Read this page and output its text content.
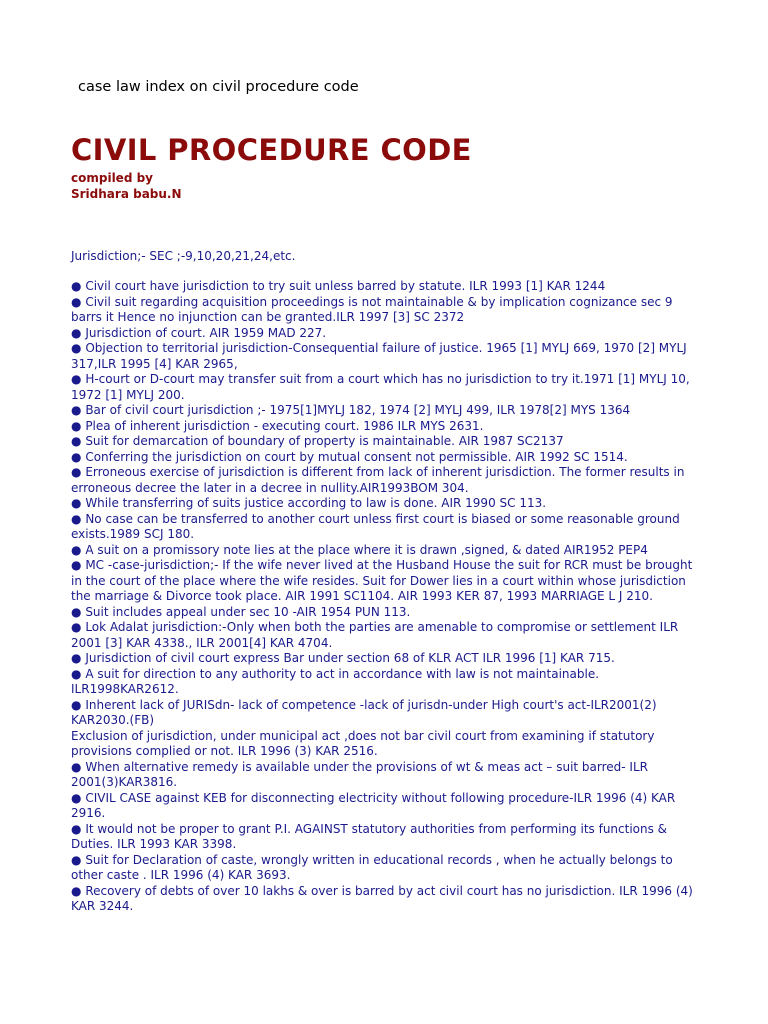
case law index on civil procedure code
CIVIL PROCEDURE CODE
compiled by
Sridhara babu.N
Jurisdiction;- SEC ;-9,10,20,21,24,etc.

● Civil court have jurisdiction to try suit unless barred by statute. ILR 1993 [1] KAR 1244

● Civil suit regarding acquisition proceedings is not maintainable & by implication cognizance sec 9 barrs it Hence no injunction can be granted.ILR 1997 [3] SC 2372

● Jurisdiction of court. AIR 1959 MAD 227.

● Objection to territorial jurisdiction-Consequential failure of justice. 1965 [1] MYLJ 669, 1970 [2] MYLJ 317,ILR 1995 [4] KAR 2965,

● H-court or D-court may transfer suit from a court which has no jurisdiction to try it.1971 [1] MYLJ 10, 1972 [1] MYLJ 200.

● Bar of civil court jurisdiction ;- 1975[1]MYLJ 182, 1974 [2] MYLJ 499, ILR 1978[2] MYS 1364

● Plea of inherent jurisdiction - executing court. 1986 ILR MYS 2631.

● Suit for demarcation of boundary of property is maintainable. AIR 1987 SC2137

● Conferring the jurisdiction on court by mutual consent not permissible. AIR 1992 SC 1514.

● Erroneous exercise of jurisdiction is different from lack of inherent jurisdiction. The former results in erroneous decree the later in a decree in nullity.AIR1993BOM 304.

● While transferring of suits justice according to law is done. AIR 1990 SC 113.

● No case can be transferred to another court unless first court is biased or some reasonable ground exists.1989 SCJ 180.

● A suit on a promissory note lies at the place where it is drawn ,signed, & dated AIR1952 PEP4

● MC -case-jurisdiction;- If the wife never lived at the Husband House the suit for RCR must be brought in the court of the place where the wife resides. Suit for Dower lies in a court within whose jurisdiction the marriage & Divorce took place. AIR 1991 SC1104. AIR 1993 KER 87, 1993 MARRIAGE L J 210.

● Suit includes appeal under sec 10 -AIR 1954 PUN 113.

● Lok Adalat jurisdiction:-Only when both the parties are amenable to compromise or settlement ILR 2001 [3] KAR 4338., ILR 2001[4] KAR 4704.

● Jurisdiction of civil court express Bar under section 68 of KLR ACT ILR 1996 [1] KAR 715.

● A suit for direction to any authority to act in accordance with law is not maintainable. ILR1998KAR2612.

● Inherent lack of JURISdn- lack of competence -lack of jurisdn-under High court's act-ILR2001(2) KAR2030.(FB)

Exclusion of jurisdiction, under municipal act ,does not bar civil court from examining if statutory provisions complied or not. ILR 1996 (3) KAR 2516.

● When alternative remedy is available under the provisions of wt & meas act – suit barred- ILR 2001(3)KAR3816.

● CIVIL CASE against KEB for disconnecting electricity without following procedure-ILR 1996 (4) KAR 2916.

● It would not be proper to grant P.I. AGAINST statutory authorities from performing its functions & Duties. ILR 1993 KAR 3398.

● Suit for Declaration of caste, wrongly written in educational records , when he actually belongs to other caste . ILR 1996 (4) KAR 3693.

● Recovery of debts of over 10 lakhs & over is barred by act civil court has no jurisdiction. ILR 1996 (4) KAR 3244.
